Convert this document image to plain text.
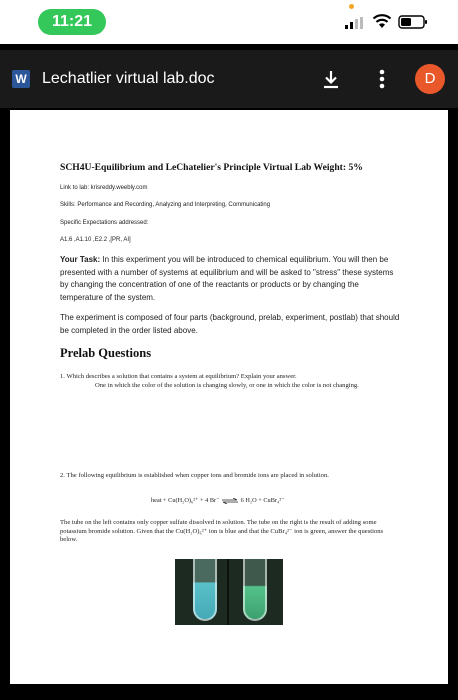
11:21
W Lechatlier virtual lab.doc	D
SCH4U-Equilibrium and LeChatelier's Principle Virtual Lab Weight: 5%
Link to lab: krisreddy.weebly.com
Skills: Performance and Recording, Analyzing and Interpreting, Communicating
Specific Expectations addressed:
A1.6 ,A1.10 ,E2.2 ,[PR, AI]
Your Task: In this experiment you will be introduced to chemical equilibrium. You will then be presented with a number of systems at equilibrium and will be asked to "stress" these systems by changing the concentration of one of the reactants or products or by changing the temperature of the system.
The experiment is composed of four parts (background, prelab, experiment, postlab) that should be completed in the order listed above.
Prelab Questions
1. Which describes a solution that contains a system at equilibrium? Explain your answer.
One in which the color of the solution is changing slowly, or one in which the color is not changing.
2. The following equilibrium is established when copper ions and bromide ions are placed in solution.
heat + Cu(H₂O)₆²⁺ + 4 Br⁻ ⇌ 6 H₂O + CuBr₄²⁻
The tube on the left contains only copper sulfate dissolved in solution. The tube on the right is the result of adding some potassium bromide solution. Given that the Cu(H₂O)₆²⁺ ion is blue and that the CuBr₄²⁻ ion is green, answer the questions below.
